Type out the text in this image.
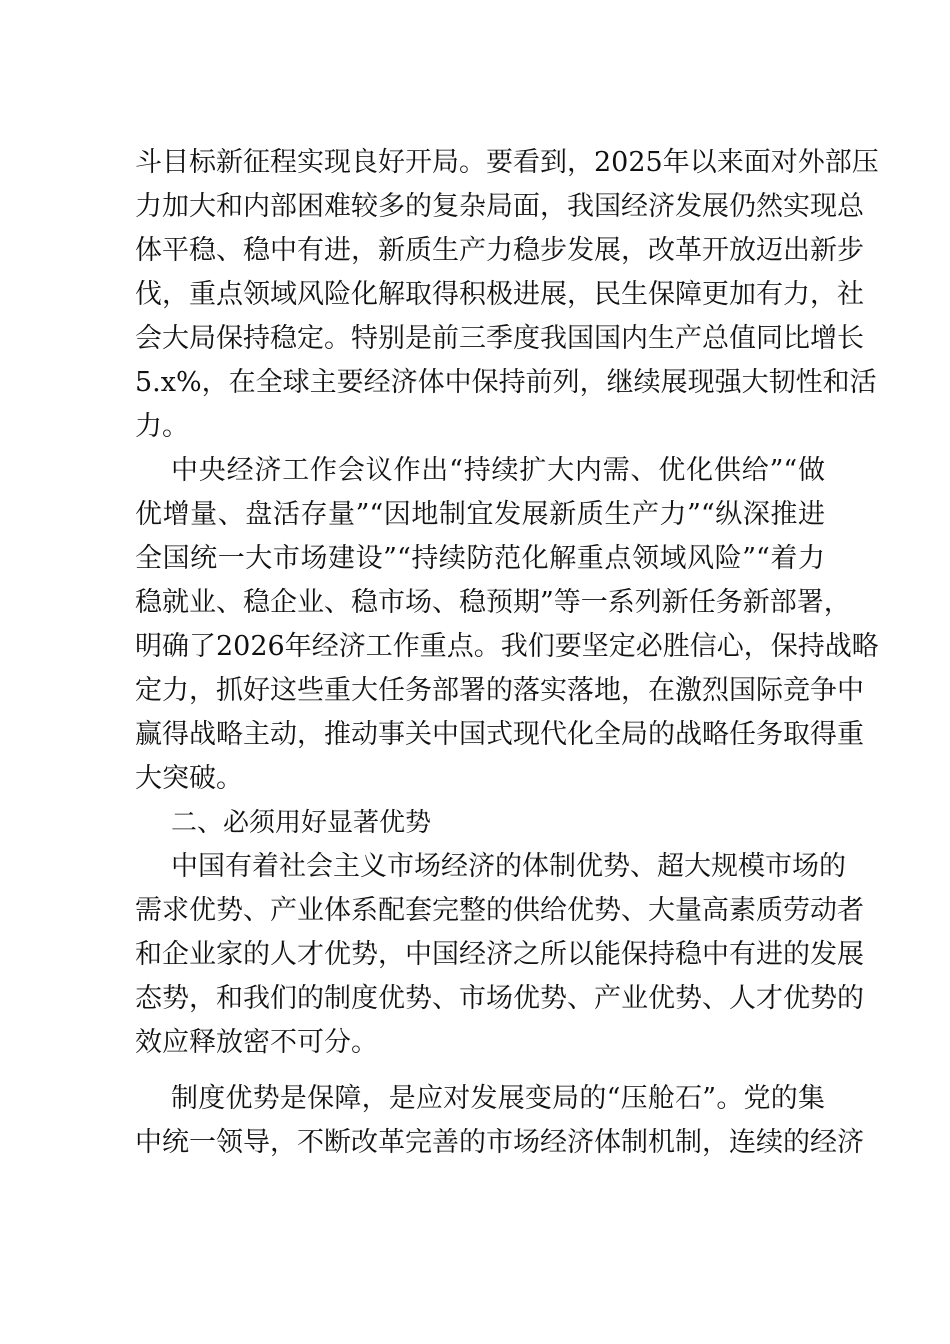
斗目标新征程实现良好开局。要看到，2025年以来面对外部压
力加大和内部困难较多的复杂局面，我国经济发展仍然实现总
体平稳、稳中有进，新质生产力稳步发展，改革开放迈出新步
伐，重点领域风险化解取得积极进展，民生保障更加有力，社
会大局保持稳定。特别是前三季度我国国内生产总值同比增长
5.x%，在全球主要经济体中保持前列，继续展现强大韧性和活
力。
中央经济工作会议作出“持续扩大内需、优化供给”“做
优增量、盘活存量”“因地制宜发展新质生产力”“纵深推进
全国统一大市场建设”“持续防范化解重点领域风险”“着力
稳就业、稳企业、稳市场、稳预期”等一系列新任务新部署，
明确了2026年经济工作重点。我们要坚定必胜信心，保持战略
定力，抓好这些重大任务部署的落实落地，在激烈国际竞争中
赢得战略主动，推动事关中国式现代化全局的战略任务取得重
大突破。
二、必须用好显著优势
中国有着社会主义市场经济的体制优势、超大规模市场的
需求优势、产业体系配套完整的供给优势、大量高素质劳动者
和企业家的人才优势，中国经济之所以能保持稳中有进的发展
态势，和我们的制度优势、市场优势、产业优势、人才优势的
效应释放密不可分。
制度优势是保障，是应对发展变局的“压舱石”。党的集
中统一领导，不断改革完善的市场经济体制机制，连续的经济
